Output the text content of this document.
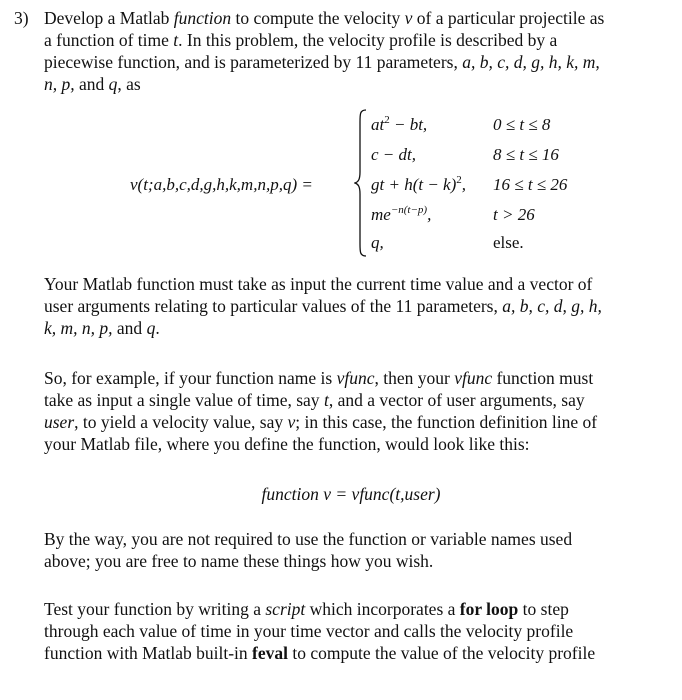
3) Develop a Matlab function to compute the velocity v of a particular projectile as
a function of time t. In this problem, the velocity profile is described by a
piecewise function, and is parameterized by 11 parameters, a, b, c, d, g, h, k, m,
n, p, and q, as

v(t;a,b,c,d,g,h,k,m,n,p,q) =
$at^2$ − bt,	0 ≤ t ≤ 8
c − dt,	8 ≤ t ≤ 16
gt + $h(t - k)^2$, 16 ≤ t ≤ 26
$me^{-n(t-p)}$,	t > 26
q,	else.

Your Matlab function must take as input the current time value and a vector of
user arguments relating to particular values of the 11 parameters, a, b, c, d, g, h,
k, m, n, p, and q.

So, for example, if your function name is vfunc, then your vfunc function must
take as input a single value of time, say t, and a vector of user arguments, say
user, to yield a velocity value, say v; in this case, the function definition line of
your Matlab file, where you define the function, would look like this:

function v = vfunc(t,user)

By the way, you are not required to use the function or variable names used
above; you are free to name these things how you wish.

Test your function by writing a script which incorporates a for loop to step
through each value of time in your time vector and calls the velocity profile
function with Matlab built-in feval to compute the value of the velocity profile
